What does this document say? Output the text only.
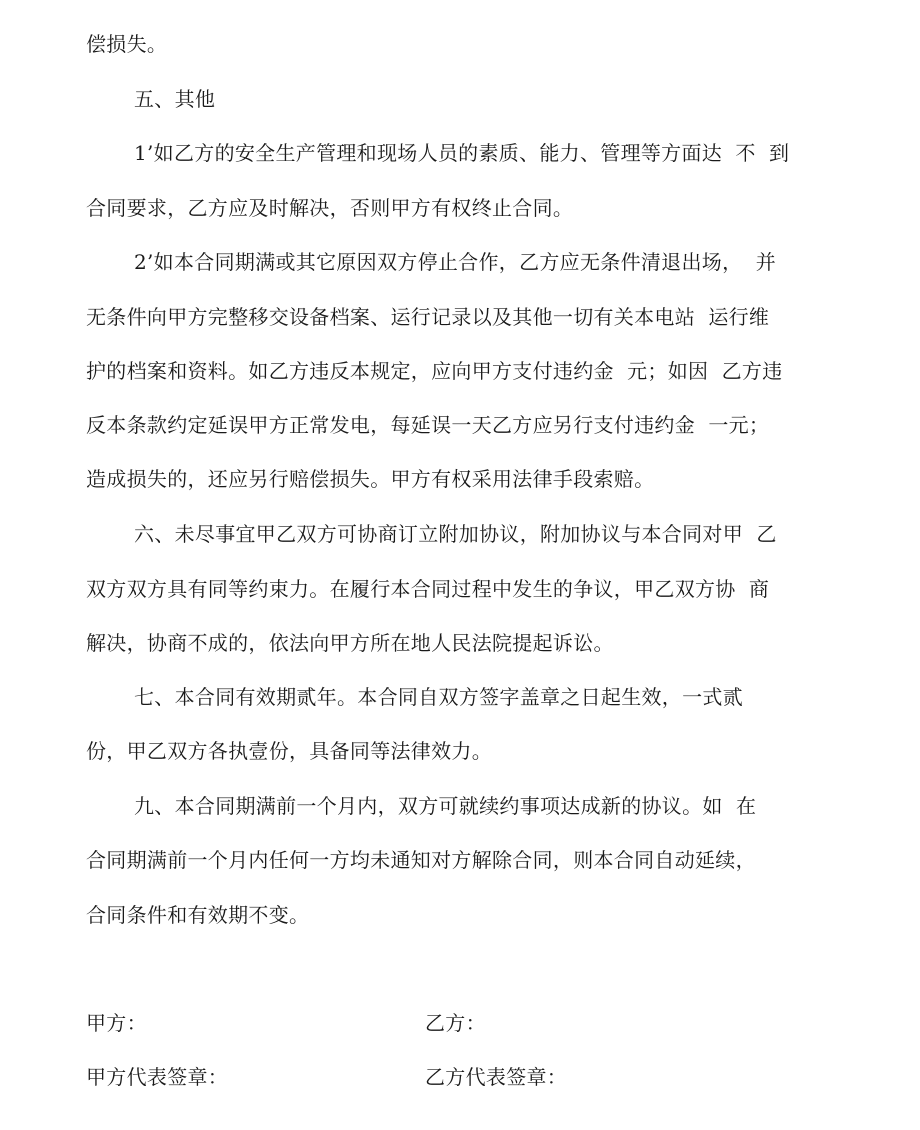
偿损失。
五、其他
1’如乙方的安全生产管理和现场人员的素质、能力、管理等方面达  不  到
合同要求，乙方应及时解决，否则甲方有权终止合同。
2’如本合同期满或其它原因双方停止合作，乙方应无条件清退出场，  并
无条件向甲方完整移交设备档案、运行记录以及其他一切有关本电站  运行维
护的档案和资料。如乙方违反本规定，应向甲方支付违约金  元；如因  乙方违
反本条款约定延误甲方正常发电，每延误一天乙方应另行支付违约金  一元；
造成损失的，还应另行赔偿损失。甲方有权采用法律手段索赔。
六、未尽事宜甲乙双方可协商订立附加协议，附加协议与本合同对甲  乙
双方双方具有同等约束力。在履行本合同过程中发生的争议，甲乙双方协  商
解决，协商不成的，依法向甲方所在地人民法院提起诉讼。
七、本合同有效期贰年。本合同自双方签字盖章之日起生效，一式贰
份，甲乙双方各执壹份，具备同等法律效力。
九、本合同期满前一个月内，双方可就续约事项达成新的协议。如  在
合同期满前一个月内任何一方均未通知对方解除合同，则本合同自动延续，
合同条件和有效期不变。
甲方：	乙方：
甲方代表签章：	乙方代表签章：
